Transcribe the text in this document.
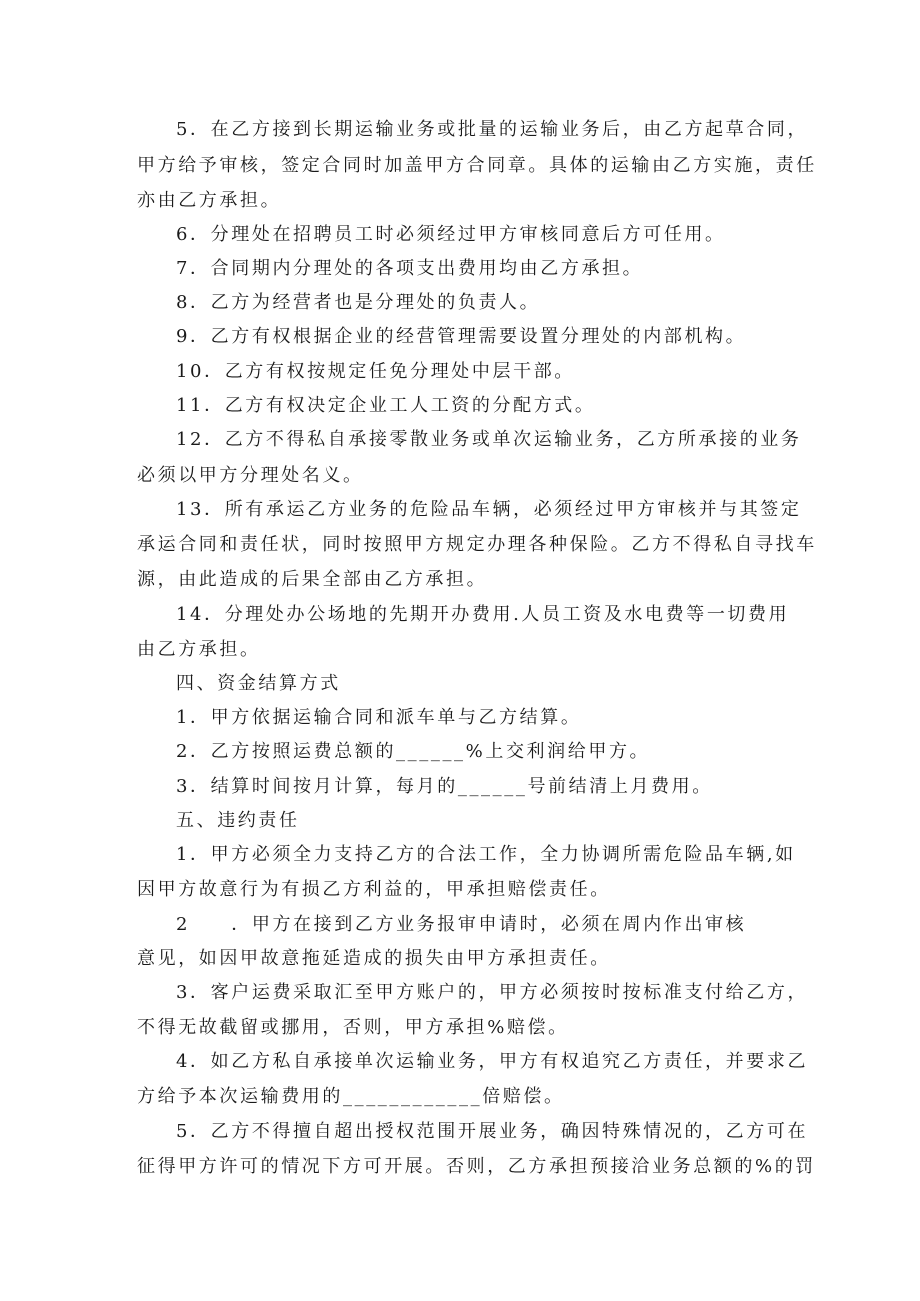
5．在乙方接到长期运输业务或批量的运输业务后，由乙方起草合同，
甲方给予审核，签定合同时加盖甲方合同章。具体的运输由乙方实施，责任
亦由乙方承担。
6．分理处在招聘员工时必须经过甲方审核同意后方可任用。
7．合同期内分理处的各项支出费用均由乙方承担。
8．乙方为经营者也是分理处的负责人。
9．乙方有权根据企业的经营管理需要设置分理处的内部机构。
10．乙方有权按规定任免分理处中层干部。
11．乙方有权决定企业工人工资的分配方式。
12．乙方不得私自承接零散业务或单次运输业务，乙方所承接的业务
必须以甲方分理处名义。
13．所有承运乙方业务的危险品车辆，必须经过甲方审核并与其签定
承运合同和责任状，同时按照甲方规定办理各种保险。乙方不得私自寻找车
源，由此造成的后果全部由乙方承担。
14．分理处办公场地的先期开办费用.人员工资及水电费等一切费用
由乙方承担。
四、资金结算方式
1．甲方依据运输合同和派车单与乙方结算。
2．乙方按照运费总额的______%上交利润给甲方。
3．结算时间按月计算，每月的______号前结清上月费用。
五、违约责任
1．甲方必须全力支持乙方的合法工作，全力协调所需危险品车辆,如
因甲方故意行为有损乙方利益的，甲承担赔偿责任。
2　　．甲方在接到乙方业务报审申请时，必须在周内作出审核
意见，如因甲故意拖延造成的损失由甲方承担责任。
3．客户运费采取汇至甲方账户的，甲方必须按时按标准支付给乙方，
不得无故截留或挪用，否则，甲方承担%赔偿。
4．如乙方私自承接单次运输业务，甲方有权追究乙方责任，并要求乙
方给予本次运输费用的____________倍赔偿。
5．乙方不得擅自超出授权范围开展业务，确因特殊情况的，乙方可在
征得甲方许可的情况下方可开展。否则，乙方承担预接洽业务总额的%的罚
